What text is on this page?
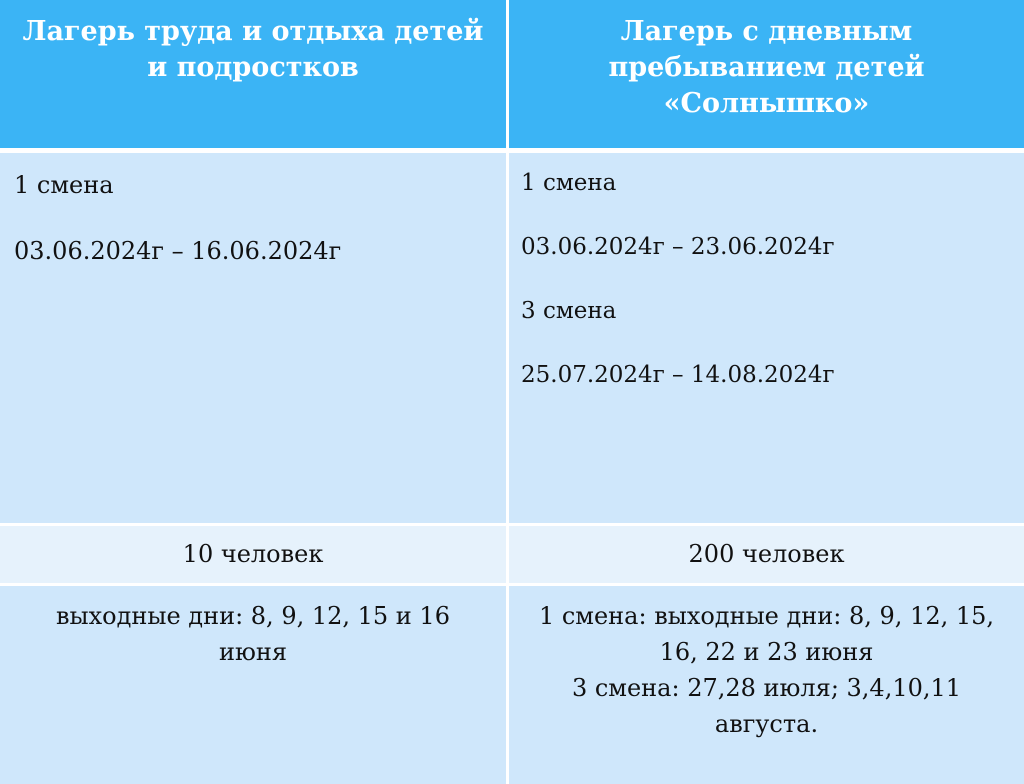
Лагерь труда и отдыха детей и подростков
Лагерь с дневным пребыванием детей «Солнышко»

1 смена

03.06.2024г – 16.06.2024г

1 смена

03.06.2024г – 23.06.2024г

3 смена

25.07.2024г – 14.08.2024г

10 человек	200 человек
выходные дни: 8, 9, 12, 15 и 16 июня
1 смена: выходные дни: 8, 9, 12, 15, 16, 22 и 23 июня
3 смена: 27,28 июля; 3,4,10,11 августа.
